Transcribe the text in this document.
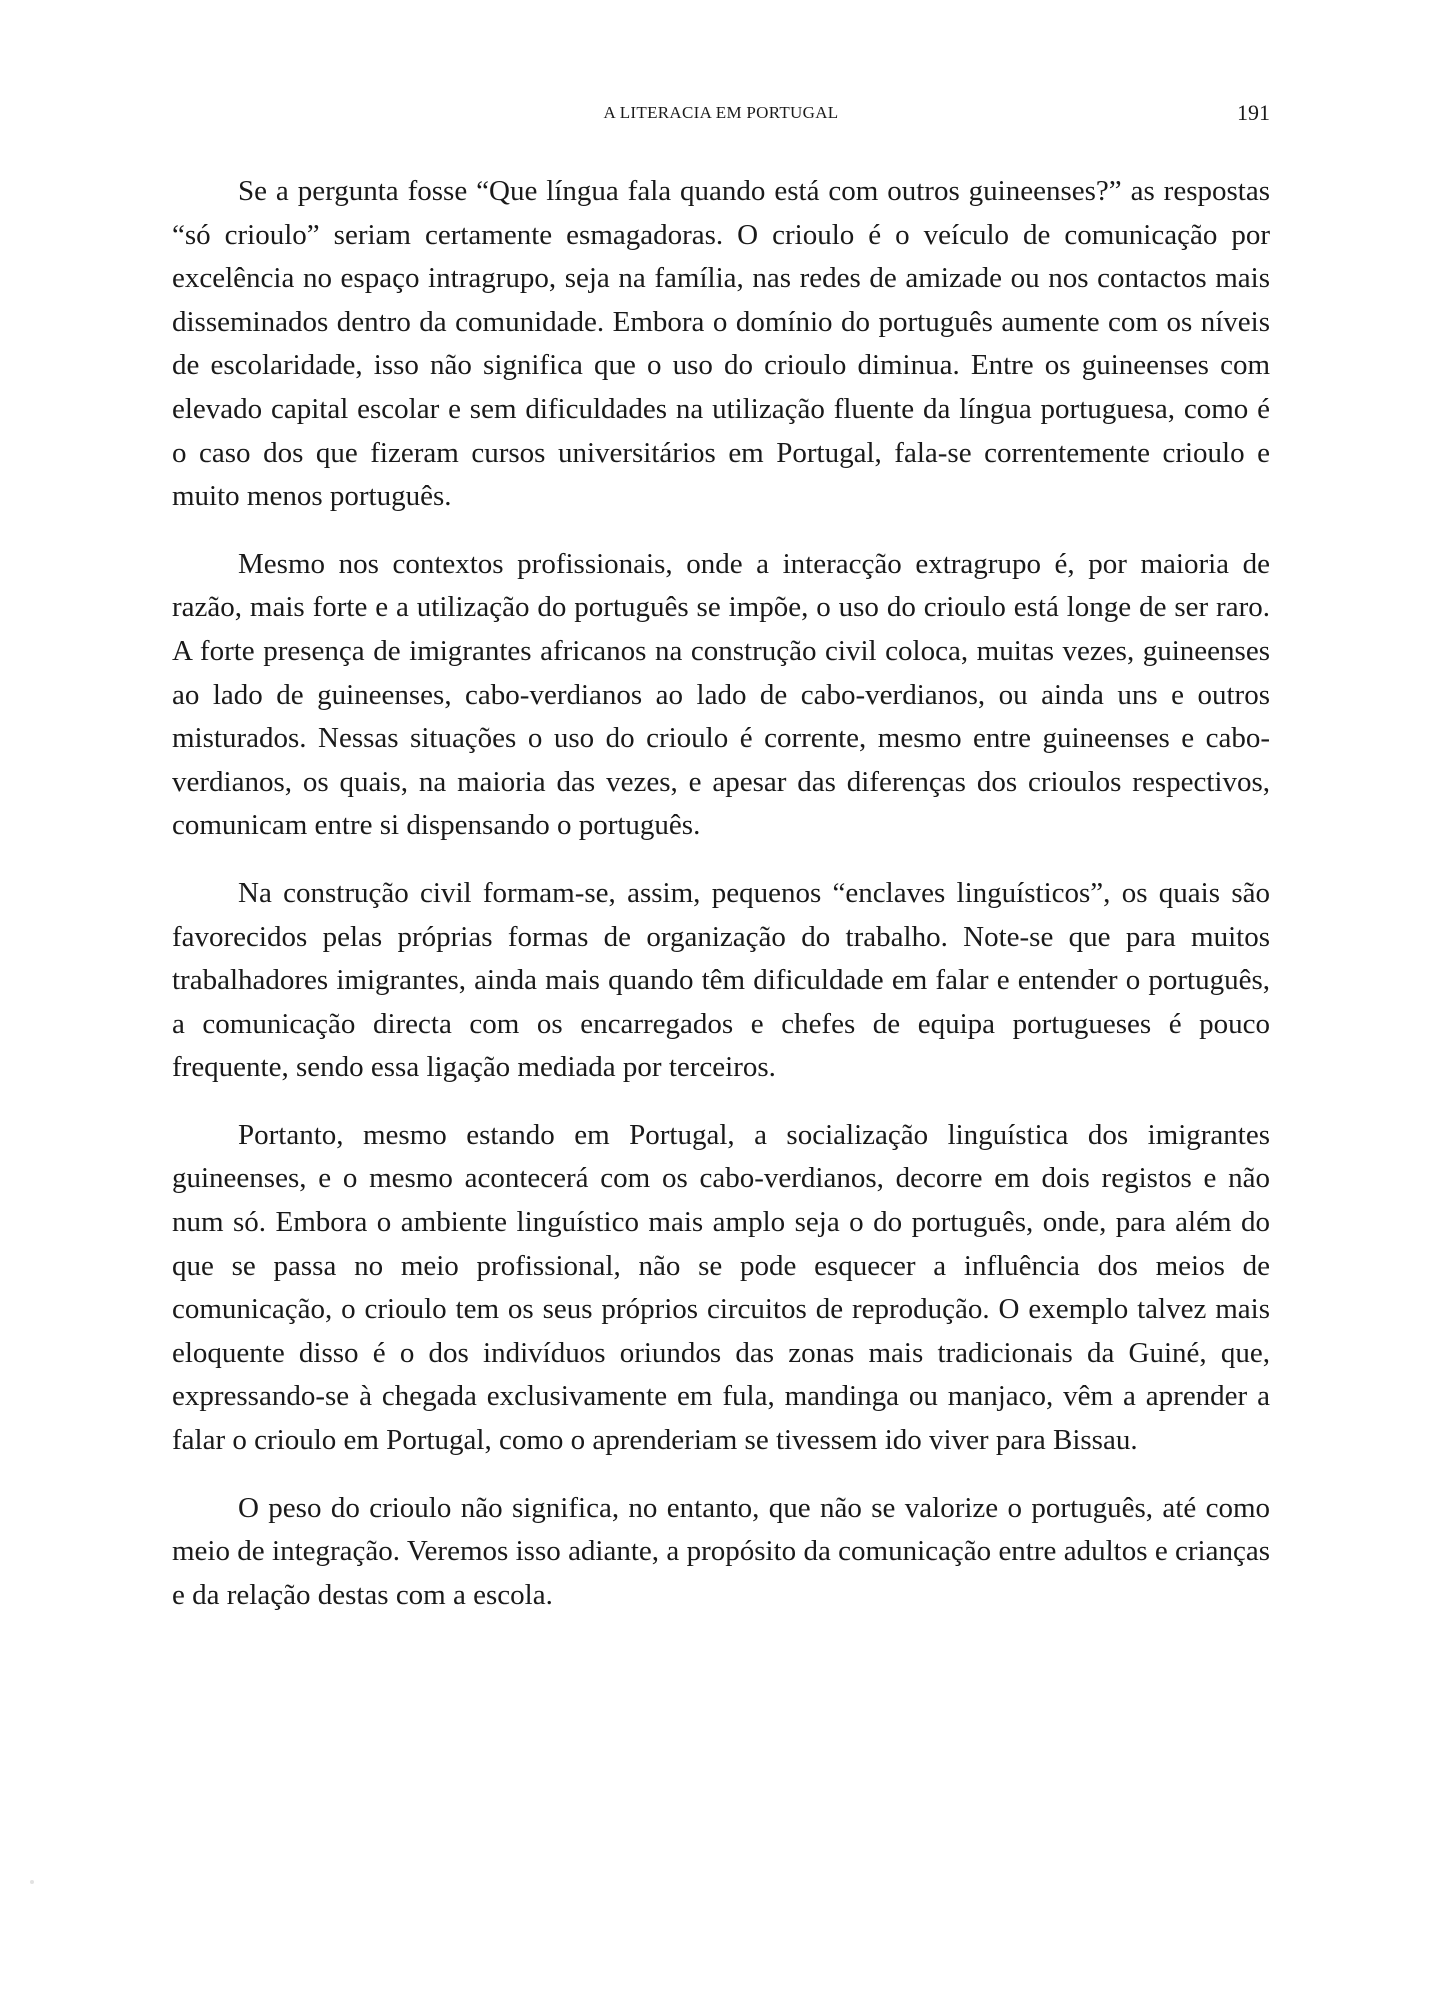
A LITERACIA EM PORTUGAL	191

Se a pergunta fosse “Que língua fala quando está com outros guineenses?” as respostas “só crioulo” seriam certamente esmagadoras. O crioulo é o veículo de comunicação por excelência no espaço intragrupo, seja na família, nas redes de amizade ou nos contactos mais disseminados dentro da comunidade. Embora o domínio do português aumente com os níveis de escolaridade, isso não significa que o uso do crioulo diminua. Entre os guineenses com elevado capital escolar e sem dificuldades na utilização fluente da língua portuguesa, como é o caso dos que fizeram cursos universitários em Portugal, fala-se correntemente crioulo e muito menos português.

Mesmo nos contextos profissionais, onde a interacção extragrupo é, por maioria de razão, mais forte e a utilização do português se impõe, o uso do crioulo está longe de ser raro. A forte presença de imigrantes africanos na construção civil coloca, muitas vezes, guineenses ao lado de guineenses, cabo-verdianos ao lado de cabo-verdianos, ou ainda uns e outros misturados. Nessas situações o uso do crioulo é corrente, mesmo entre guineenses e cabo-verdianos, os quais, na maioria das vezes, e apesar das diferenças dos crioulos respectivos, comunicam entre si dispensando o português.

Na construção civil formam-se, assim, pequenos “enclaves linguísticos”, os quais são favorecidos pelas próprias formas de organização do trabalho. Note-se que para muitos trabalhadores imigrantes, ainda mais quando têm dificuldade em falar e entender o português, a comunicação directa com os encarregados e chefes de equipa portugueses é pouco frequente, sendo essa ligação mediada por terceiros.

Portanto, mesmo estando em Portugal, a socialização linguística dos imigrantes guineenses, e o mesmo acontecerá com os cabo-verdianos, decorre em dois registos e não num só. Embora o ambiente linguístico mais amplo seja o do português, onde, para além do que se passa no meio profissional, não se pode esquecer a influência dos meios de comunicação, o crioulo tem os seus próprios circuitos de reprodução. O exemplo talvez mais eloquente disso é o dos indivíduos oriundos das zonas mais tradicionais da Guiné, que, expressando-se à chegada exclusivamente em fula, mandinga ou manjaco, vêm a aprender a falar o crioulo em Portugal, como o aprenderiam se tivessem ido viver para Bissau.

O peso do crioulo não significa, no entanto, que não se valorize o português, até como meio de integração. Veremos isso adiante, a propósito da comunicação entre adultos e crianças e da relação destas com a escola.
